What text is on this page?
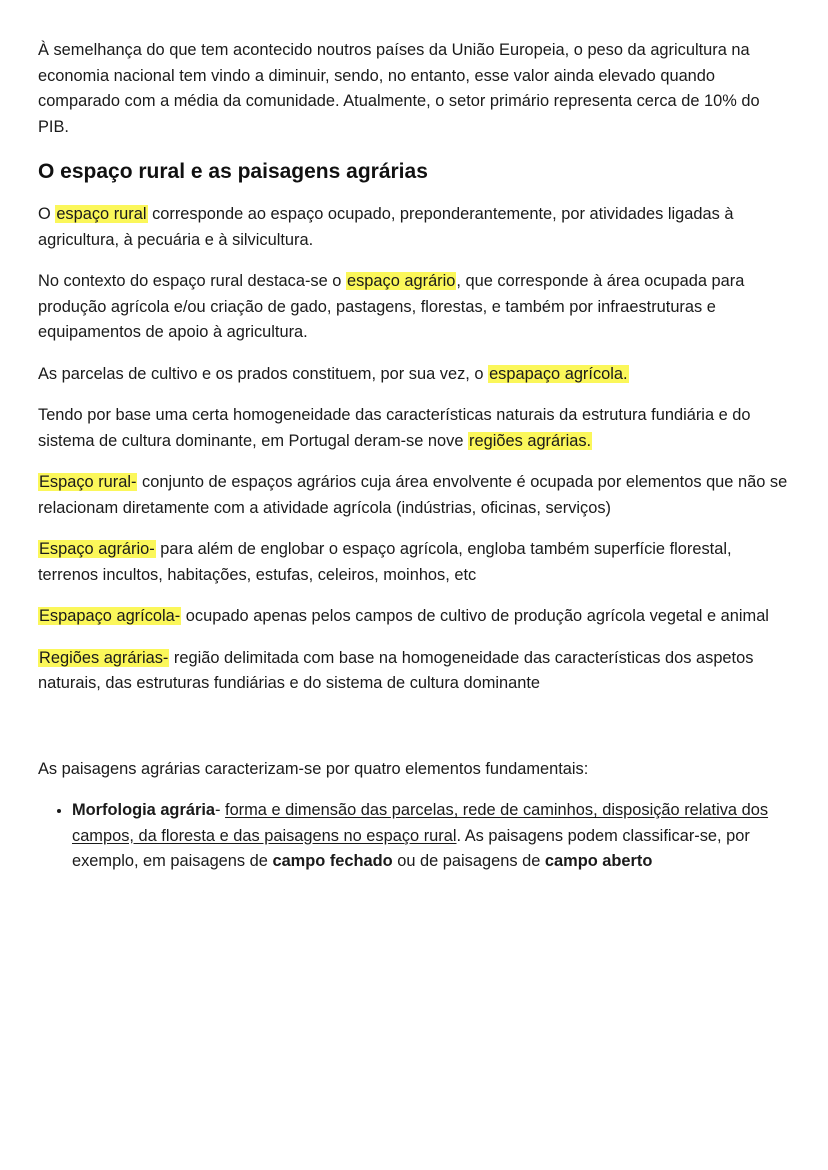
À semelhança do que tem acontecido noutros países da União Europeia, o peso da agricultura na economia nacional tem vindo a diminuir, sendo, no entanto, esse valor ainda elevado quando comparado com a média da comunidade. Atualmente, o setor primário representa cerca de 10% do PIB.

O espaço rural e as paisagens agrárias

O espaço rural corresponde ao espaço ocupado, preponderantemente, por atividades ligadas à agricultura, à pecuária e à silvicultura.

No contexto do espaço rural destaca-se o espaço agrário, que corresponde à área ocupada para produção agrícola e/ou criação de gado, pastagens, florestas, e também por infraestruturas e equipamentos de apoio à agricultura.

As parcelas de cultivo e os prados constituem, por sua vez, o espapaço agrícola.

Tendo por base uma certa homogeneidade das características naturais da estrutura fundiária e do sistema de cultura dominante, em Portugal deram-se nove regiões agrárias.

Espaço rural- conjunto de espaços agrários cuja área envolvente é ocupada por elementos que não se relacionam diretamente com a atividade agrícola (indústrias, oficinas, serviços)

Espaço agrário- para além de englobar o espaço agrícola, engloba também superfície florestal, terrenos incultos, habitações, estufas, celeiros, moinhos, etc

Espapaço agrícola- ocupado apenas pelos campos de cultivo de produção agrícola vegetal e animal

Regiões agrárias- região delimitada com base na homogeneidade das características dos aspetos naturais, das estruturas fundiárias e do sistema de cultura dominante

As paisagens agrárias caracterizam-se por quatro elementos fundamentais:

• Morfologia agrária- forma e dimensão das parcelas, rede de caminhos, disposição relativa dos campos, da floresta e das paisagens no espaço rural. As paisagens podem classificar-se, por exemplo, em paisagens de campo fechado ou de paisagens de campo aberto
